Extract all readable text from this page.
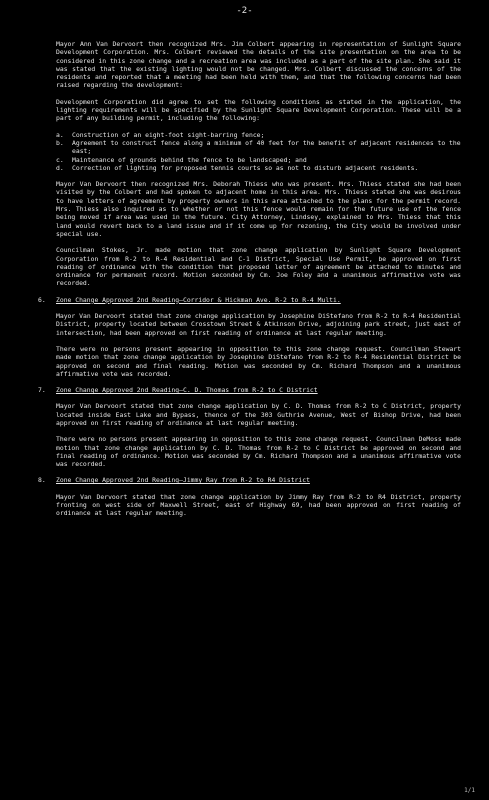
-2-

Mayor Ann Van Dervoort then recognized Mrs. Jim Colbert appearing in representation of Sunlight Square Development Corporation. Mrs. Colbert reviewed the details of the site presentation on the area to be considered in this zone change and a recreation area was included as a part of the site plan. She said it was stated that the existing lighting would not be changed. Mrs. Colbert discussed the concerns of the residents and reported that a meeting had been held with them, and that the following concerns had been raised regarding the development:

Development Corporation did agree to set the following conditions as stated in the application, the lighting requirements will be specified by the Sunlight Square Development Corporation. These will be a part of any building permit, including the following:

a.	Construction of an eight-foot sight-barring fence;
b.	Agreement to construct fence along a minimum of 40 feet for the benefit of adjacent residences to the east;
c.	Maintenance of grounds behind the fence to be landscaped; and
d.	Correction of lighting for proposed tennis courts so as not to disturb adjacent residents.

Mayor Van Dervoort then recognized Mrs. Deborah Thiess who was present. Mrs. Thiess stated she had been visited by the Colbert and had spoken to adjacent home in this area. Mrs. Thiess stated she was desirous to have letters of agreement by property owners in this area attached to the plans for the permit record. Mrs. Thiess also inquired as to whether or not this fence would remain for the future use of the fence being moved if area was used in the future. City Attorney, Lindsey, explained to Mrs. Thiess that this land would revert back to a land issue and if it come up for rezoning, the City would be involved under special use.

Councilman Stokes, Jr. made motion that zone change application by Sunlight Square Development Corporation from R-2 to R-4 Residential and C-1 District, Special Use Permit, be approved on first reading of ordinance with the condition that proposed letter of agreement be attached to minutes and ordinance for permanent record. Motion seconded by Cm. Joe Foley and a unanimous affirmative vote was recorded.

6. Zone Change Approved 2nd Reading—Corridor & Hickman Ave. R-2 to R-4 Multi.

Mayor Van Dervoort stated that zone change application by Josephine DiStefano from R-2 to R-4 Residential District, property located between Crosstown Street & Atkinson Drive, adjoining park street, just east of intersection, had been approved on first reading of ordinance at last regular meeting.

There were no persons present appearing in opposition to this zone change request. Councilman Stewart made motion that zone change application by Josephine DiStefano from R-2 to R-4 Residential District be approved on second and final reading. Motion was seconded by Cm. Richard Thompson and a unanimous affirmative vote was recorded.

7. Zone Change Approved 2nd Reading—C. D. Thomas from R-2 to C District

Mayor Van Dervoort stated that zone change application by C. D. Thomas from R-2 to C District, property located inside East Lake and Bypass, thence of the 303 Guthrie Avenue, West of Bishop Drive, had been approved on first reading of ordinance at last regular meeting.

There were no persons present appearing in opposition to this zone change request. Councilman DeMoss made motion that zone change application by C. D. Thomas from R-2 to C District be approved on second and final reading of ordinance. Motion was seconded by Cm. Richard Thompson and a unanimous affirmative vote was recorded.

8. Zone Change Approved 2nd Reading—Jimmy Ray from R-2 to R4 District

Mayor Van Dervoort stated that zone change application by Jimmy Ray from R-2 to R4 District, property fronting on west side of Maxwell Street, east of Highway 69, had been approved on first reading of ordinance at last regular meeting.

1/1
